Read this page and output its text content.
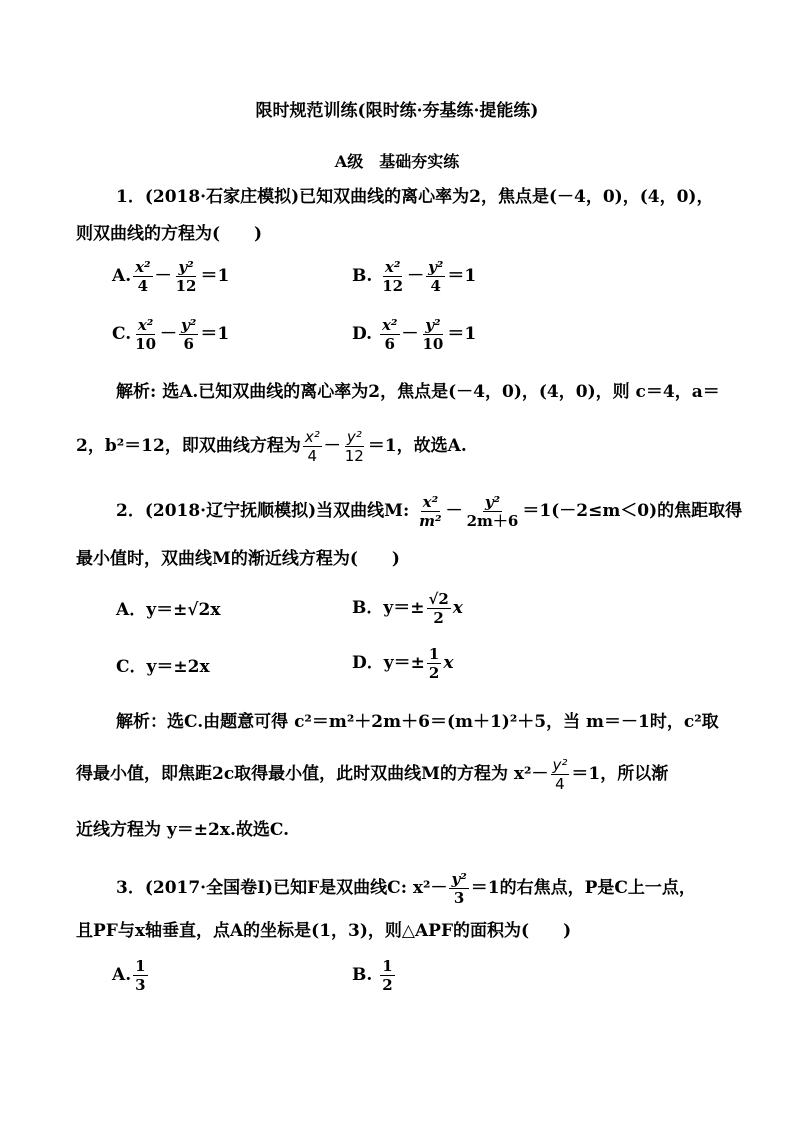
限时规范训练(限时练·夯基练·提能练)
A级　基础夯实练
1．(2018·石家庄模拟)已知双曲线的离心率为2，焦点是(－4，0)，(4，0)，
则双曲线的方程为(　　)
A. $\frac{\text{x²}}{4} - \frac{\text{y²}}{12} =1$	B. $\frac{\text{x²}}{12} - \frac{\text{y²}}{4} =1$
C. $\frac{\text{x²}}{10} - \frac{\text{y²}}{6} =1$	D. $\frac{\text{x²}}{6} - \frac{\text{y²}}{10} =1$
解析: 选A.已知双曲线的离心率为2，焦点是(－4，0)，(4，0)，则 c＝4，a＝
2，b²＝12，即双曲线方程为 $\frac{\text{x²}}{4} - \frac{\text{y²}}{12} =1$，故选A.
2．(2018·辽宁抚顺模拟)当双曲线M: $\frac{\text{x²}}{\text{m²}} - \frac{\text{y²}}{2m+6} =1(-2\le m<0)$的焦距取得
最小值时，双曲线M的渐近线方程为(　　)
A．y＝±√2x	B．$y=\pm \frac{√2}{2}$ x
C．y＝±2x	D．$y=\pm \frac{1}{2}$ x
解析：选C.由题意可得 c²＝m²＋2m＋6＝(m＋1)²＋5，当 m＝－1时，c²取
得最小值，即焦距2c取得最小值，此时双曲线M的方程为 $x^2- \frac{\text{y²}}{4} =1$，所以渐
近线方程为 y＝±2x.故选C.
3．(2017·全国卷Ⅰ)已知F是双曲线C: $x^2- \frac{\text{y²}}{3} =1$的右焦点，P是C上一点，
且PF与x轴垂直，点A的坐标是(1，3)，则△APF的面积为(　　)
A. $\frac{1}{3}$	B. $\frac{1}{2}$
